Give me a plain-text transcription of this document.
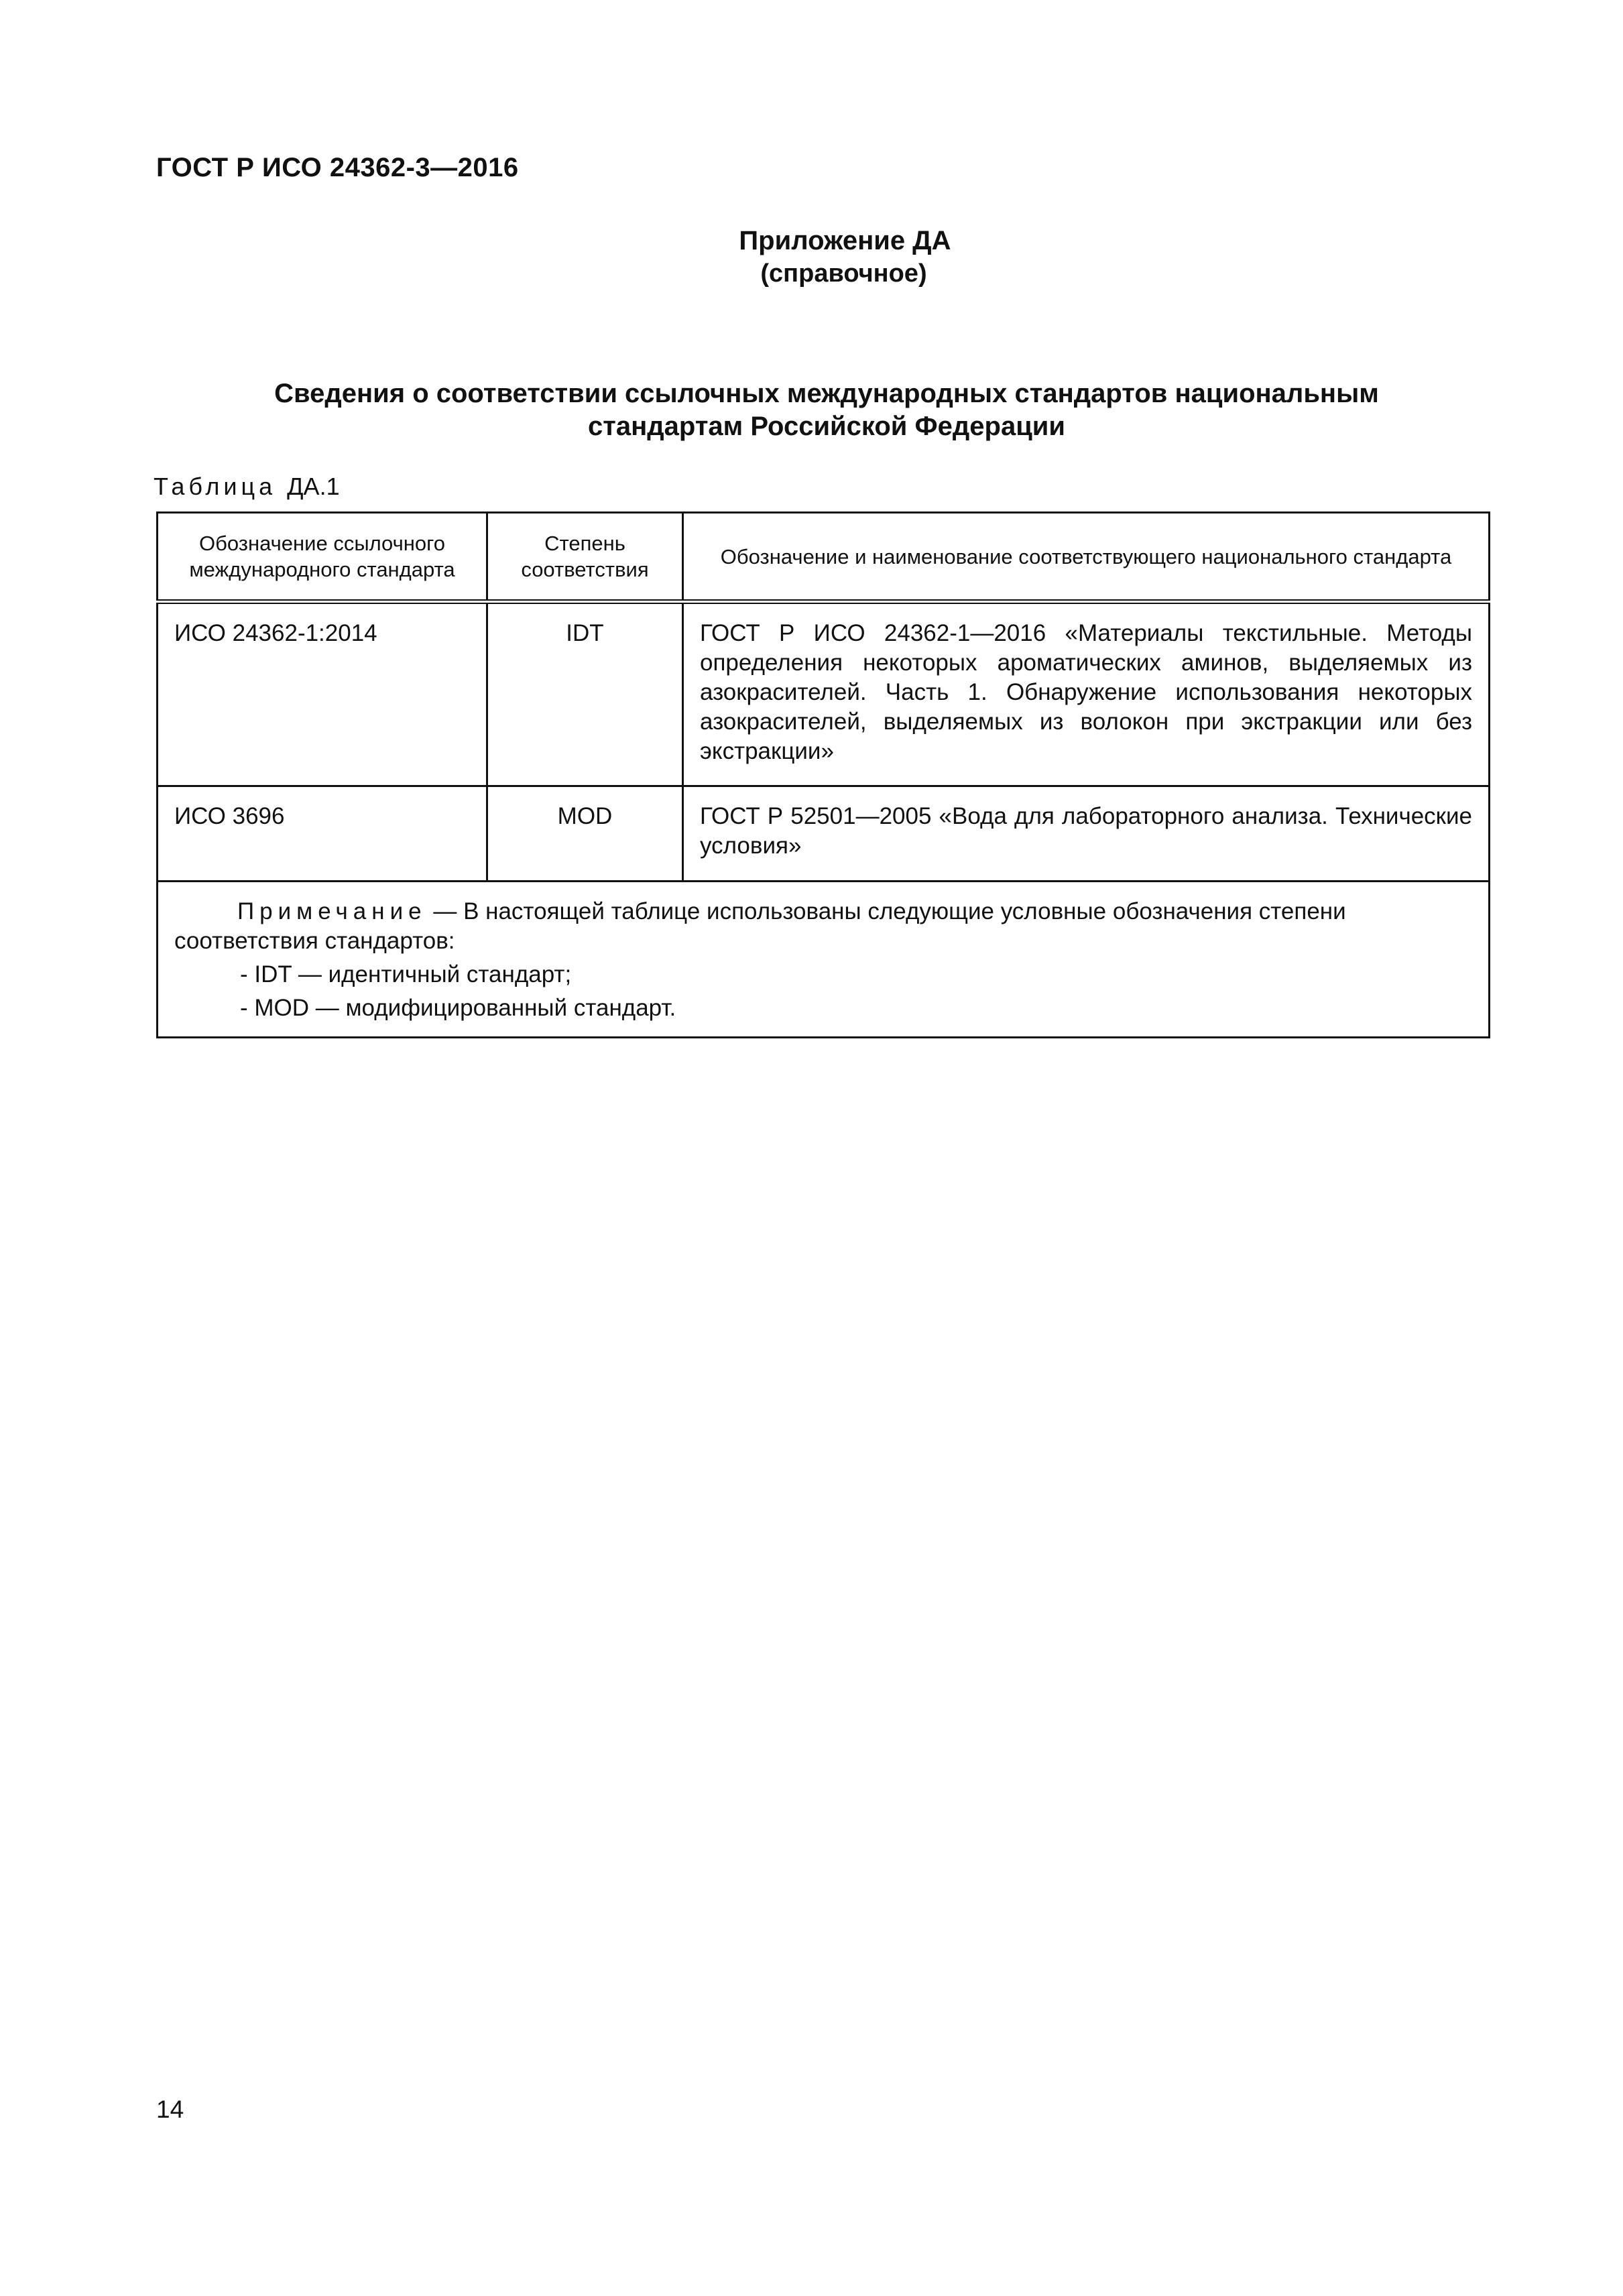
ГОСТ Р ИСО 24362-3—2016
Приложение ДА
(справочное)
Сведения о соответствии ссылочных международных стандартов национальным
стандартам Российской Федерации
Таблица ДА.1
Обозначение ссылочного международного стандарта	Степень соответствия	Обозначение и наименование соответствующего национального стандарта
ИСО 24362-1:2014	IDT	ГОСТ Р ИСО 24362-1—2016 «Материалы текстильные. Методы определения некоторых ароматических аминов, выделяемых из азокрасителей. Часть 1. Обнаружение использования некоторых азокрасителей, выделяемых из волокон при экстракции или без экстракции»
ИСО 3696	MOD	ГОСТ Р 52501—2005 «Вода для лабораторного анализа. Технические условия»

Примечание — В настоящей таблице использованы следующие условные обозначения степени соответствия стандартов:
- IDT — идентичный стандарт;
- MOD — модифицированный стандарт.		
14
